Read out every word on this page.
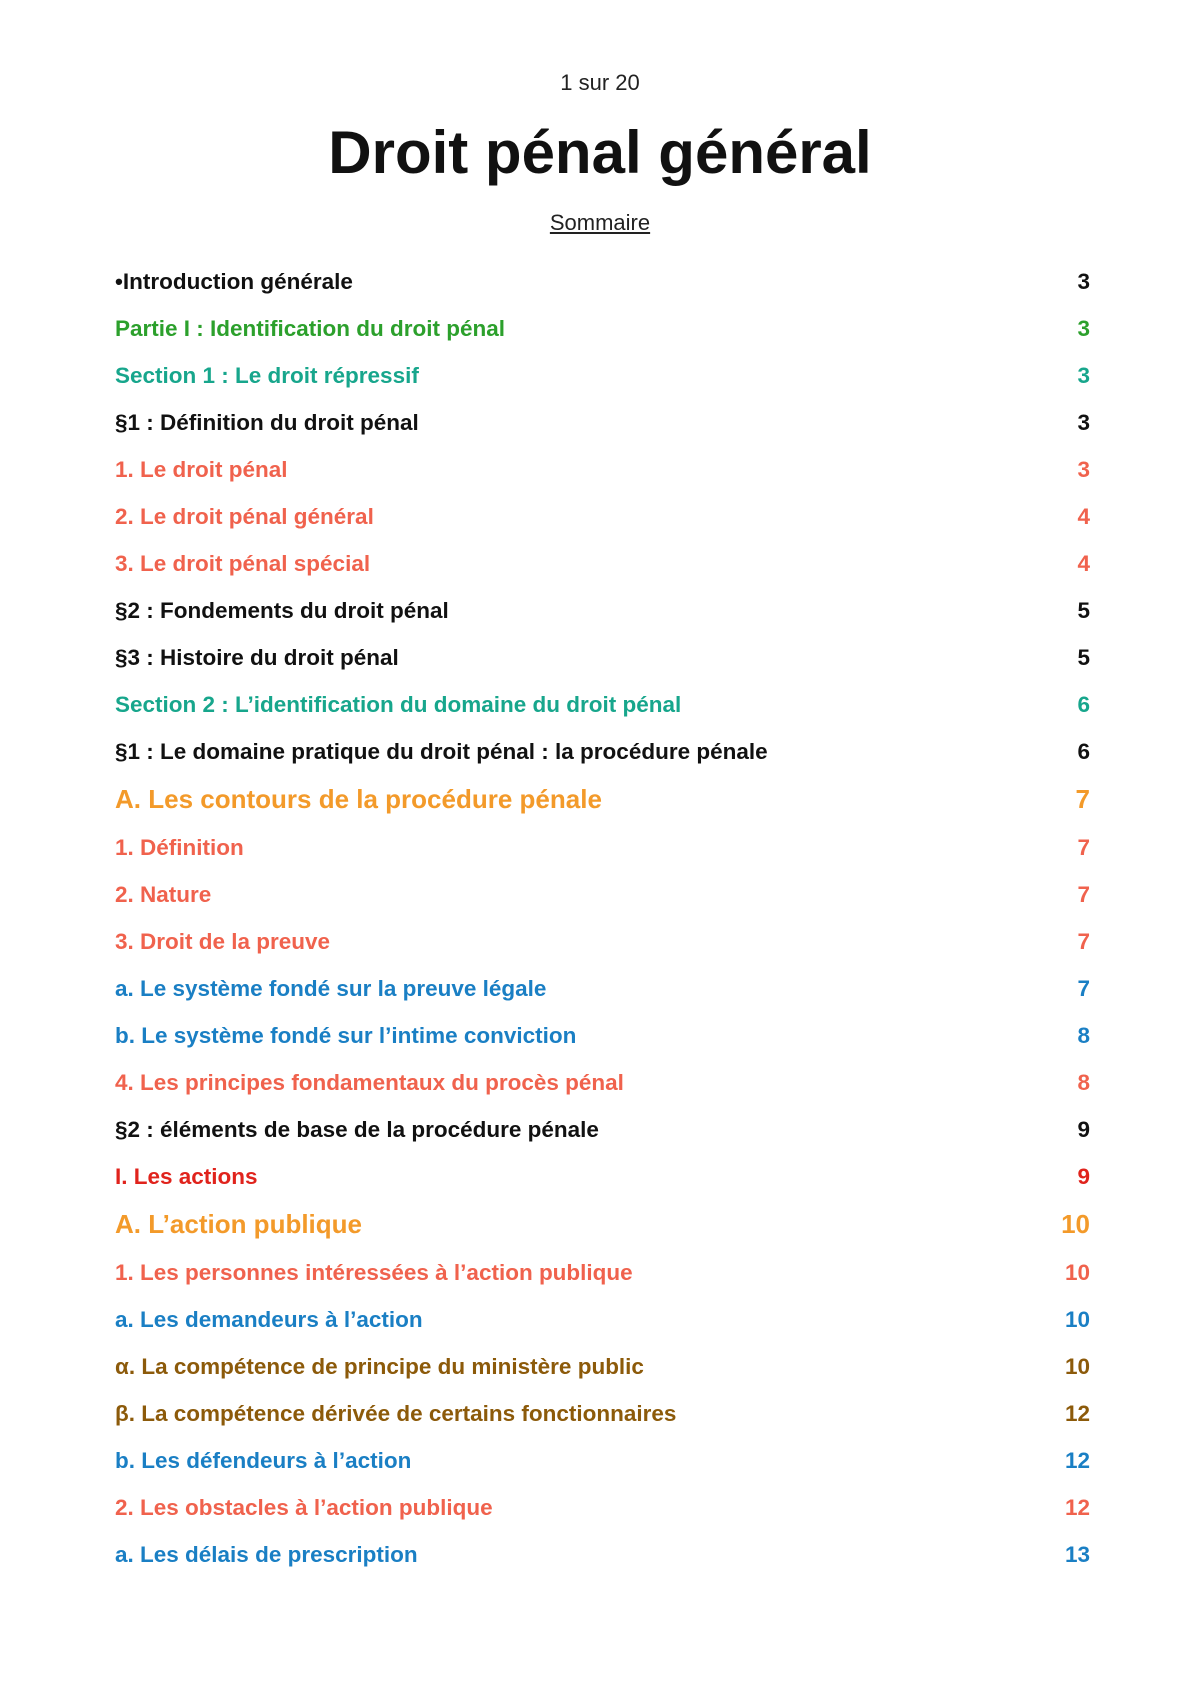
1 sur 20
Droit pénal général
Sommaire
•Introduction générale	3
Partie I : Identification du droit pénal	3
Section 1 : Le droit répressif	3
§1 : Définition du droit pénal	3
1. Le droit pénal	3
2. Le droit pénal général	4
3. Le droit pénal spécial	4
§2 : Fondements du droit pénal	5
§3 : Histoire du droit pénal	5
Section 2 : L’identification du domaine du droit pénal	6
§1 : Le domaine pratique du droit pénal : la procédure pénale	6
A. Les contours de la procédure pénale	7
1. Définition	7
2. Nature	7
3. Droit de la preuve	7
a. Le système fondé sur la preuve légale	7
b. Le système fondé sur l’intime conviction	8
4. Les principes fondamentaux du procès pénal	8
§2 : éléments de base de la procédure pénale	9
I. Les actions	9
A. L’action publique	10
1. Les personnes intéressées à l’action publique	10
a. Les demandeurs à l’action	10
α. La compétence de principe du ministère public	10
β. La compétence dérivée de certains fonctionnaires	12
b. Les défendeurs à l’action	12
2. Les obstacles à l’action publique	12
a. Les délais de prescription	13
